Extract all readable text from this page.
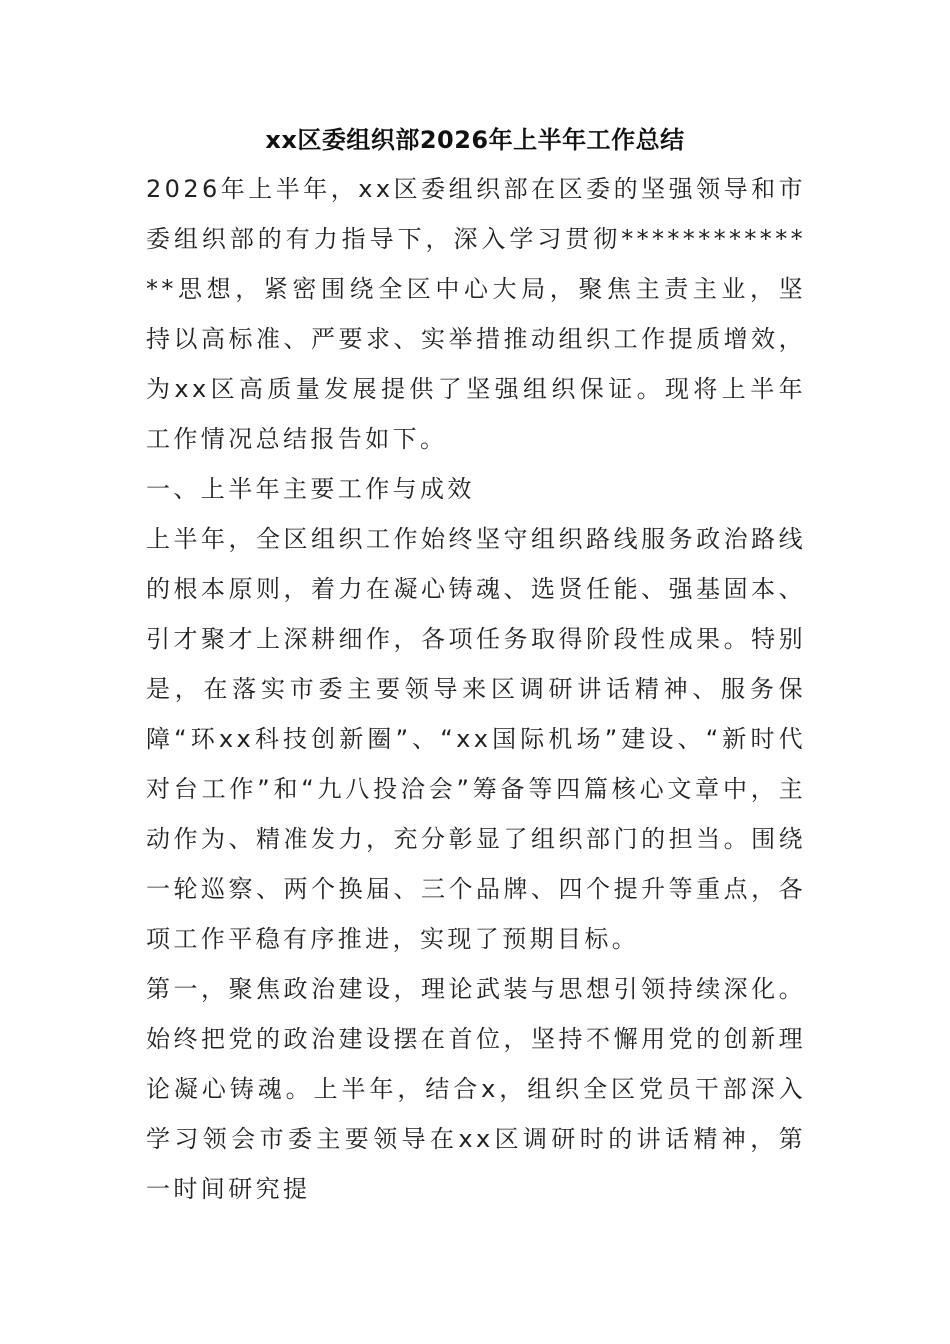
xx区委组织部2026年上半年工作总结

2026年上半年，xx区委组织部在区委的坚强领导和市委组织部的有力指导下，深入学习贯彻**************思想，紧密围绕全区中心大局，聚焦主责主业，坚持以高标准、严要求、实举措推动组织工作提质增效，为xx区高质量发展提供了坚强组织保证。现将上半年工作情况总结报告如下。

一、上半年主要工作与成效

上半年，全区组织工作始终坚守组织路线服务政治路线的根本原则，着力在凝心铸魂、选贤任能、强基固本、引才聚才上深耕细作，各项任务取得阶段性成果。特别是，在落实市委主要领导来区调研讲话精神、服务保障“环xx科技创新圈”、“xx国际机场”建设、“新时代对台工作”和“九八投洽会”筹备等四篇核心文章中，主动作为、精准发力，充分彰显了组织部门的担当。围绕一轮巡察、两个换届、三个品牌、四个提升等重点，各项工作平稳有序推进，实现了预期目标。

第一，聚焦政治建设，理论武装与思想引领持续深化。始终把党的政治建设摆在首位，坚持不懈用党的创新理论凝心铸魂。上半年，结合x，组织全区党员干部深入学习领会市委主要领导在xx区调研时的讲话精神，第一时间研究提
